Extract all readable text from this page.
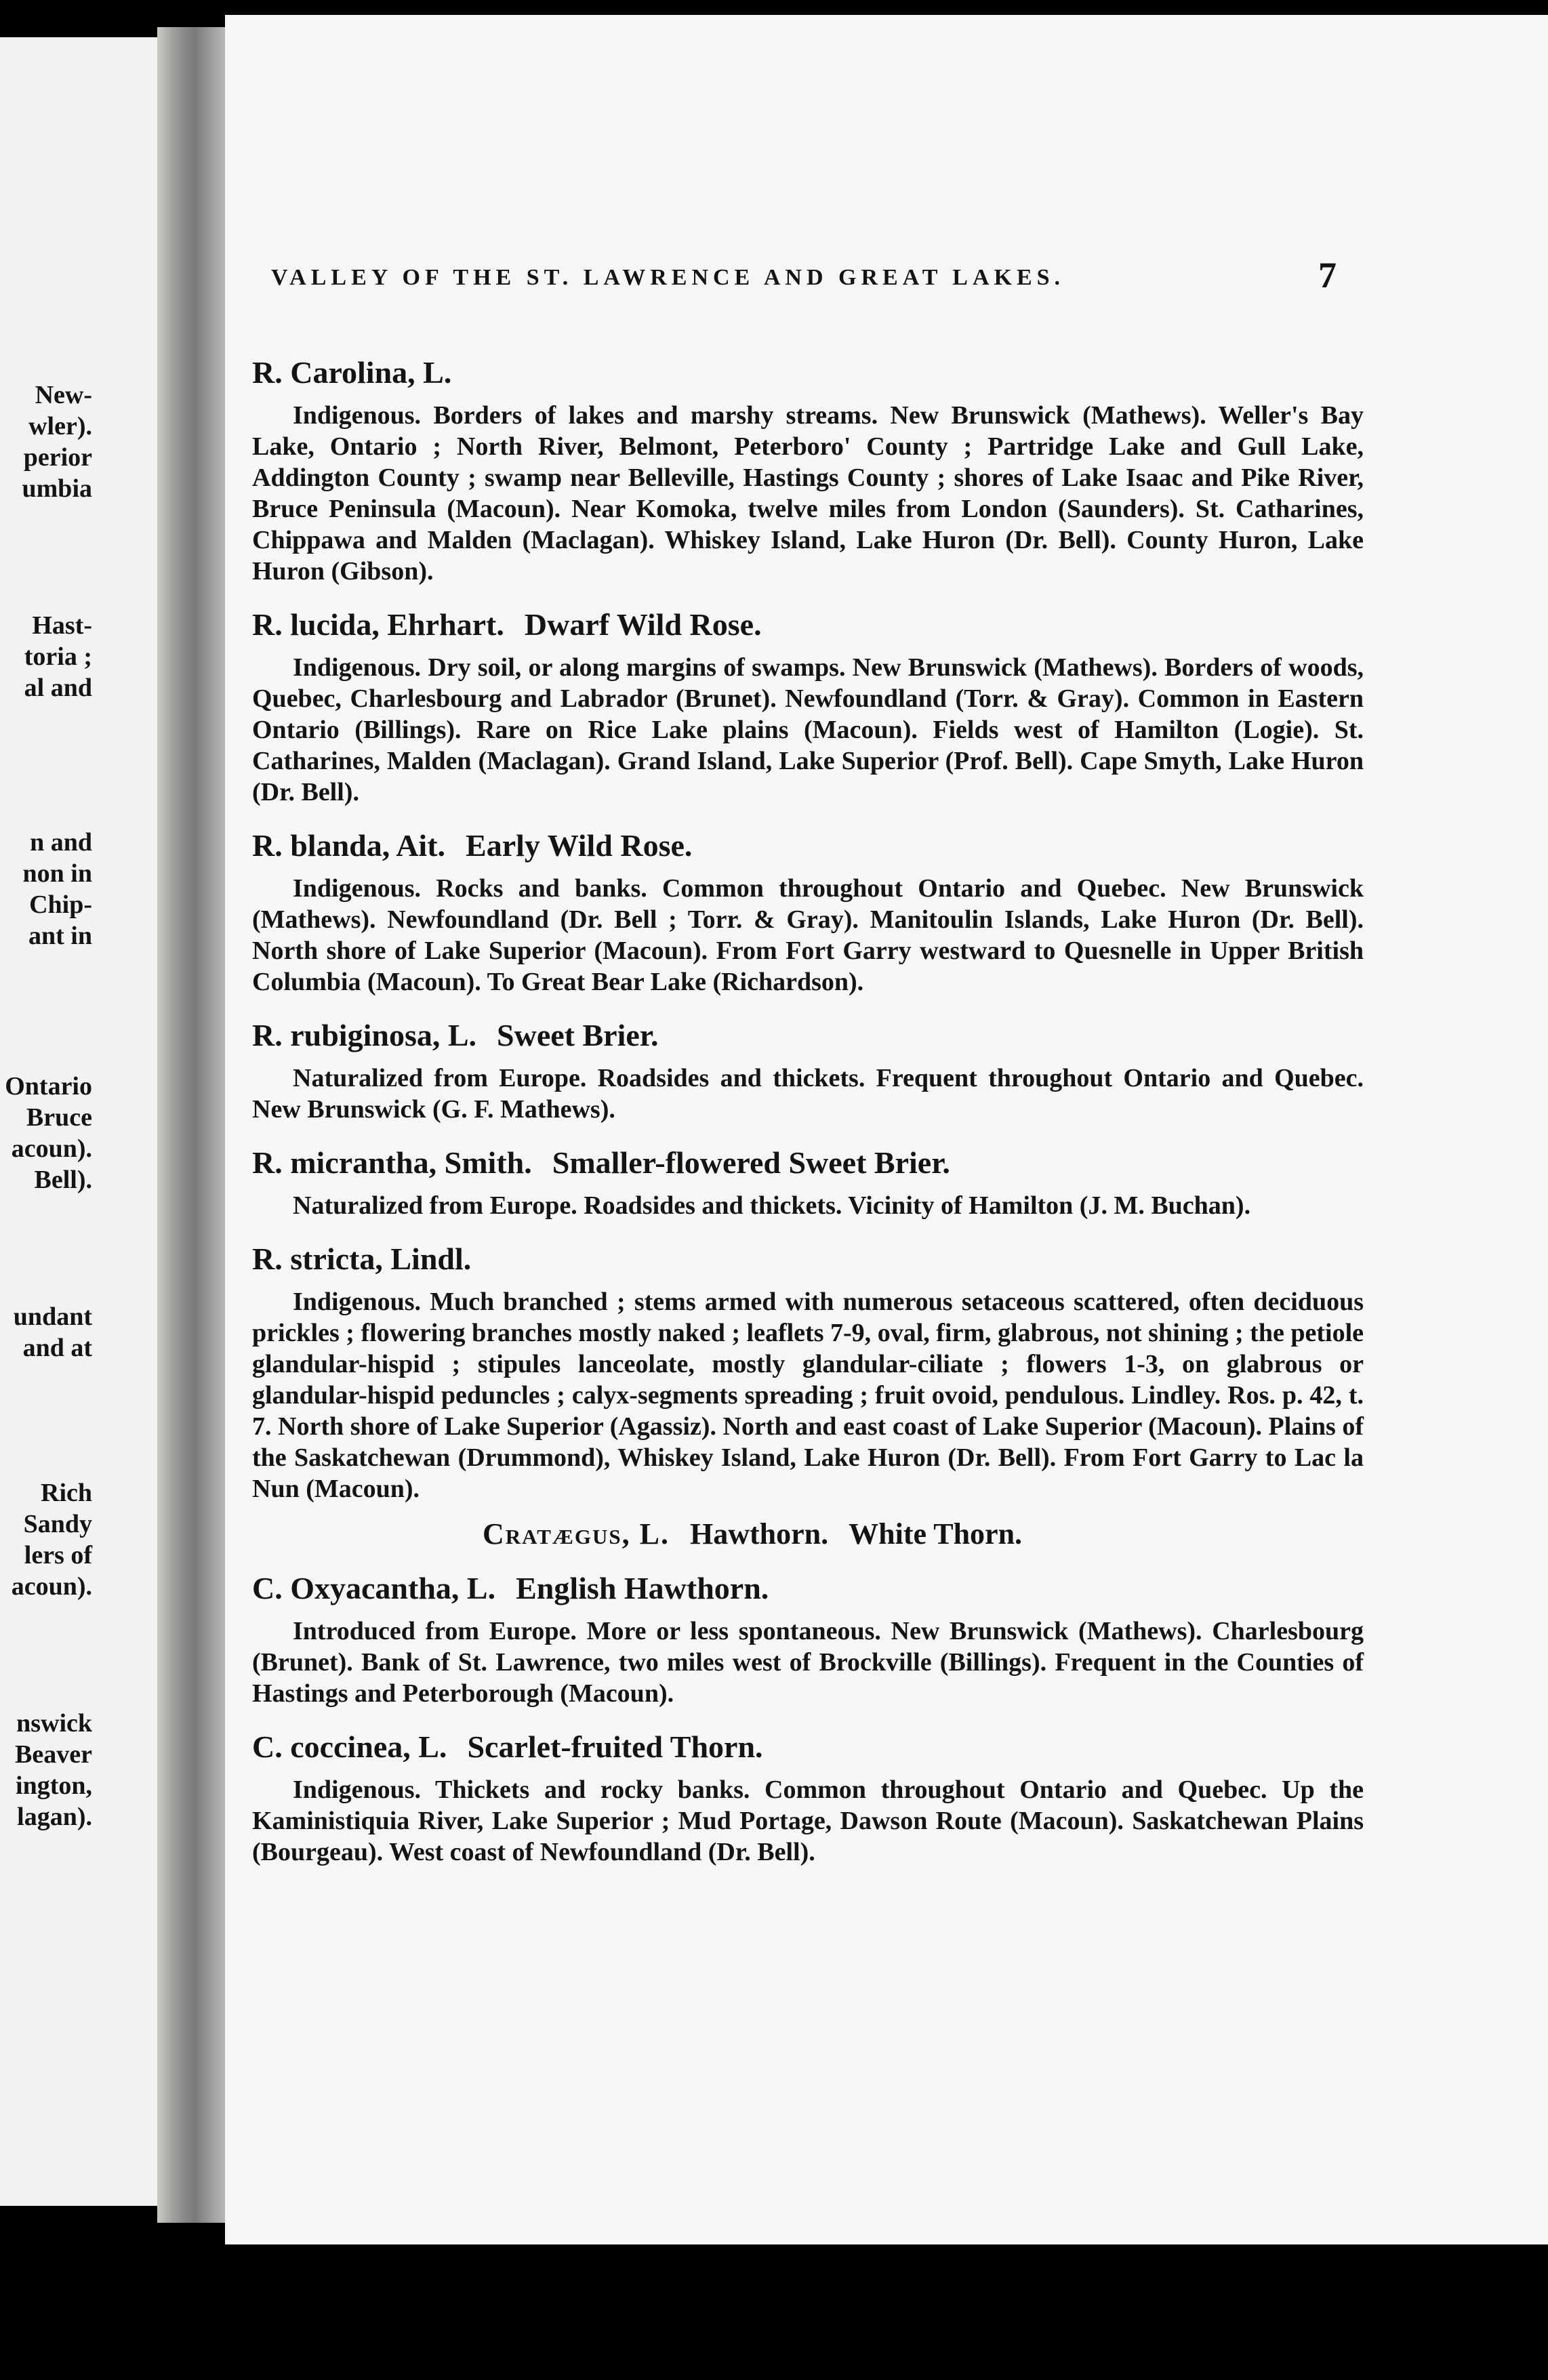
New-

wler).

perior

umbia

Hast-

toria ;

al and

n and

non in

Chip-

ant in

Ontario

Bruce

acoun).

Bell).

undant

and at

Rich

Sandy

lers of

acoun).

nswick

Beaver

ington,

lagan).

VALLEY OF THE ST. LAWRENCE AND GREAT LAKES.	7

R. Carolina, L.

Indigenous. Borders of lakes and marshy streams. New Brunswick (Mathews). Weller's Bay Lake, Ontario ; North River, Belmont, Peterboro' County ; Partridge Lake and Gull Lake, Addington County ; swamp near Belleville, Hastings County ; shores of Lake Isaac and Pike River, Bruce Peninsula (Macoun). Near Komoka, twelve miles from London (Saunders). St. Catharines, Chippawa and Malden (Maclagan). Whiskey Island, Lake Huron (Dr. Bell). County Huron, Lake Huron (Gibson).

R. lucida, Ehrhart. Dwarf Wild Rose.

Indigenous. Dry soil, or along margins of swamps. New Brunswick (Mathews). Borders of woods, Quebec, Charlesbourg and Labrador (Brunet). Newfoundland (Torr. & Gray). Common in Eastern Ontario (Billings). Rare on Rice Lake plains (Macoun). Fields west of Hamilton (Logie). St. Catharines, Malden (Maclagan). Grand Island, Lake Superior (Prof. Bell). Cape Smyth, Lake Huron (Dr. Bell).

R. blanda, Ait. Early Wild Rose.

Indigenous. Rocks and banks. Common throughout Ontario and Quebec. New Brunswick (Mathews). Newfoundland (Dr. Bell ; Torr. & Gray). Manitoulin Islands, Lake Huron (Dr. Bell). North shore of Lake Superior (Macoun). From Fort Garry westward to Quesnelle in Upper British Columbia (Macoun). To Great Bear Lake (Richardson).

R. rubiginosa, L. Sweet Brier.

Naturalized from Europe. Roadsides and thickets. Frequent throughout Ontario and Quebec. New Brunswick (G. F. Mathews).

R. micrantha, Smith. Smaller-flowered Sweet Brier.

Naturalized from Europe. Roadsides and thickets. Vicinity of Hamilton (J. M. Buchan).

R. stricta, Lindl.

Indigenous. Much branched ; stems armed with numerous setaceous scattered, often deciduous prickles ; flowering branches mostly naked ; leaflets 7-9, oval, firm, glabrous, not shining ; the petiole glandular-hispid ; stipules lanceolate, mostly glandular-ciliate ; flowers 1-3, on glabrous or glandular-hispid peduncles ; calyx-segments spreading ; fruit ovoid, pendulous. Lindley. Ros. p. 42, t. 7. North shore of Lake Superior (Agassiz). North and east coast of Lake Superior (Macoun). Plains of the Saskatchewan (Drummond), Whiskey Island, Lake Huron (Dr. Bell). From Fort Garry to Lac la Nun (Macoun).

Cratægus, L. Hawthorn. White Thorn.

C. Oxyacantha, L. English Hawthorn.

Introduced from Europe. More or less spontaneous. New Brunswick (Mathews). Charlesbourg (Brunet). Bank of St. Lawrence, two miles west of Brockville (Billings). Frequent in the Counties of Hastings and Peterborough (Macoun).

C. coccinea, L. Scarlet-fruited Thorn.

Indigenous. Thickets and rocky banks. Common throughout Ontario and Quebec. Up the Kaministiquia River, Lake Superior ; Mud Portage, Dawson Route (Macoun). Saskatchewan Plains (Bourgeau). West coast of Newfoundland (Dr. Bell).
